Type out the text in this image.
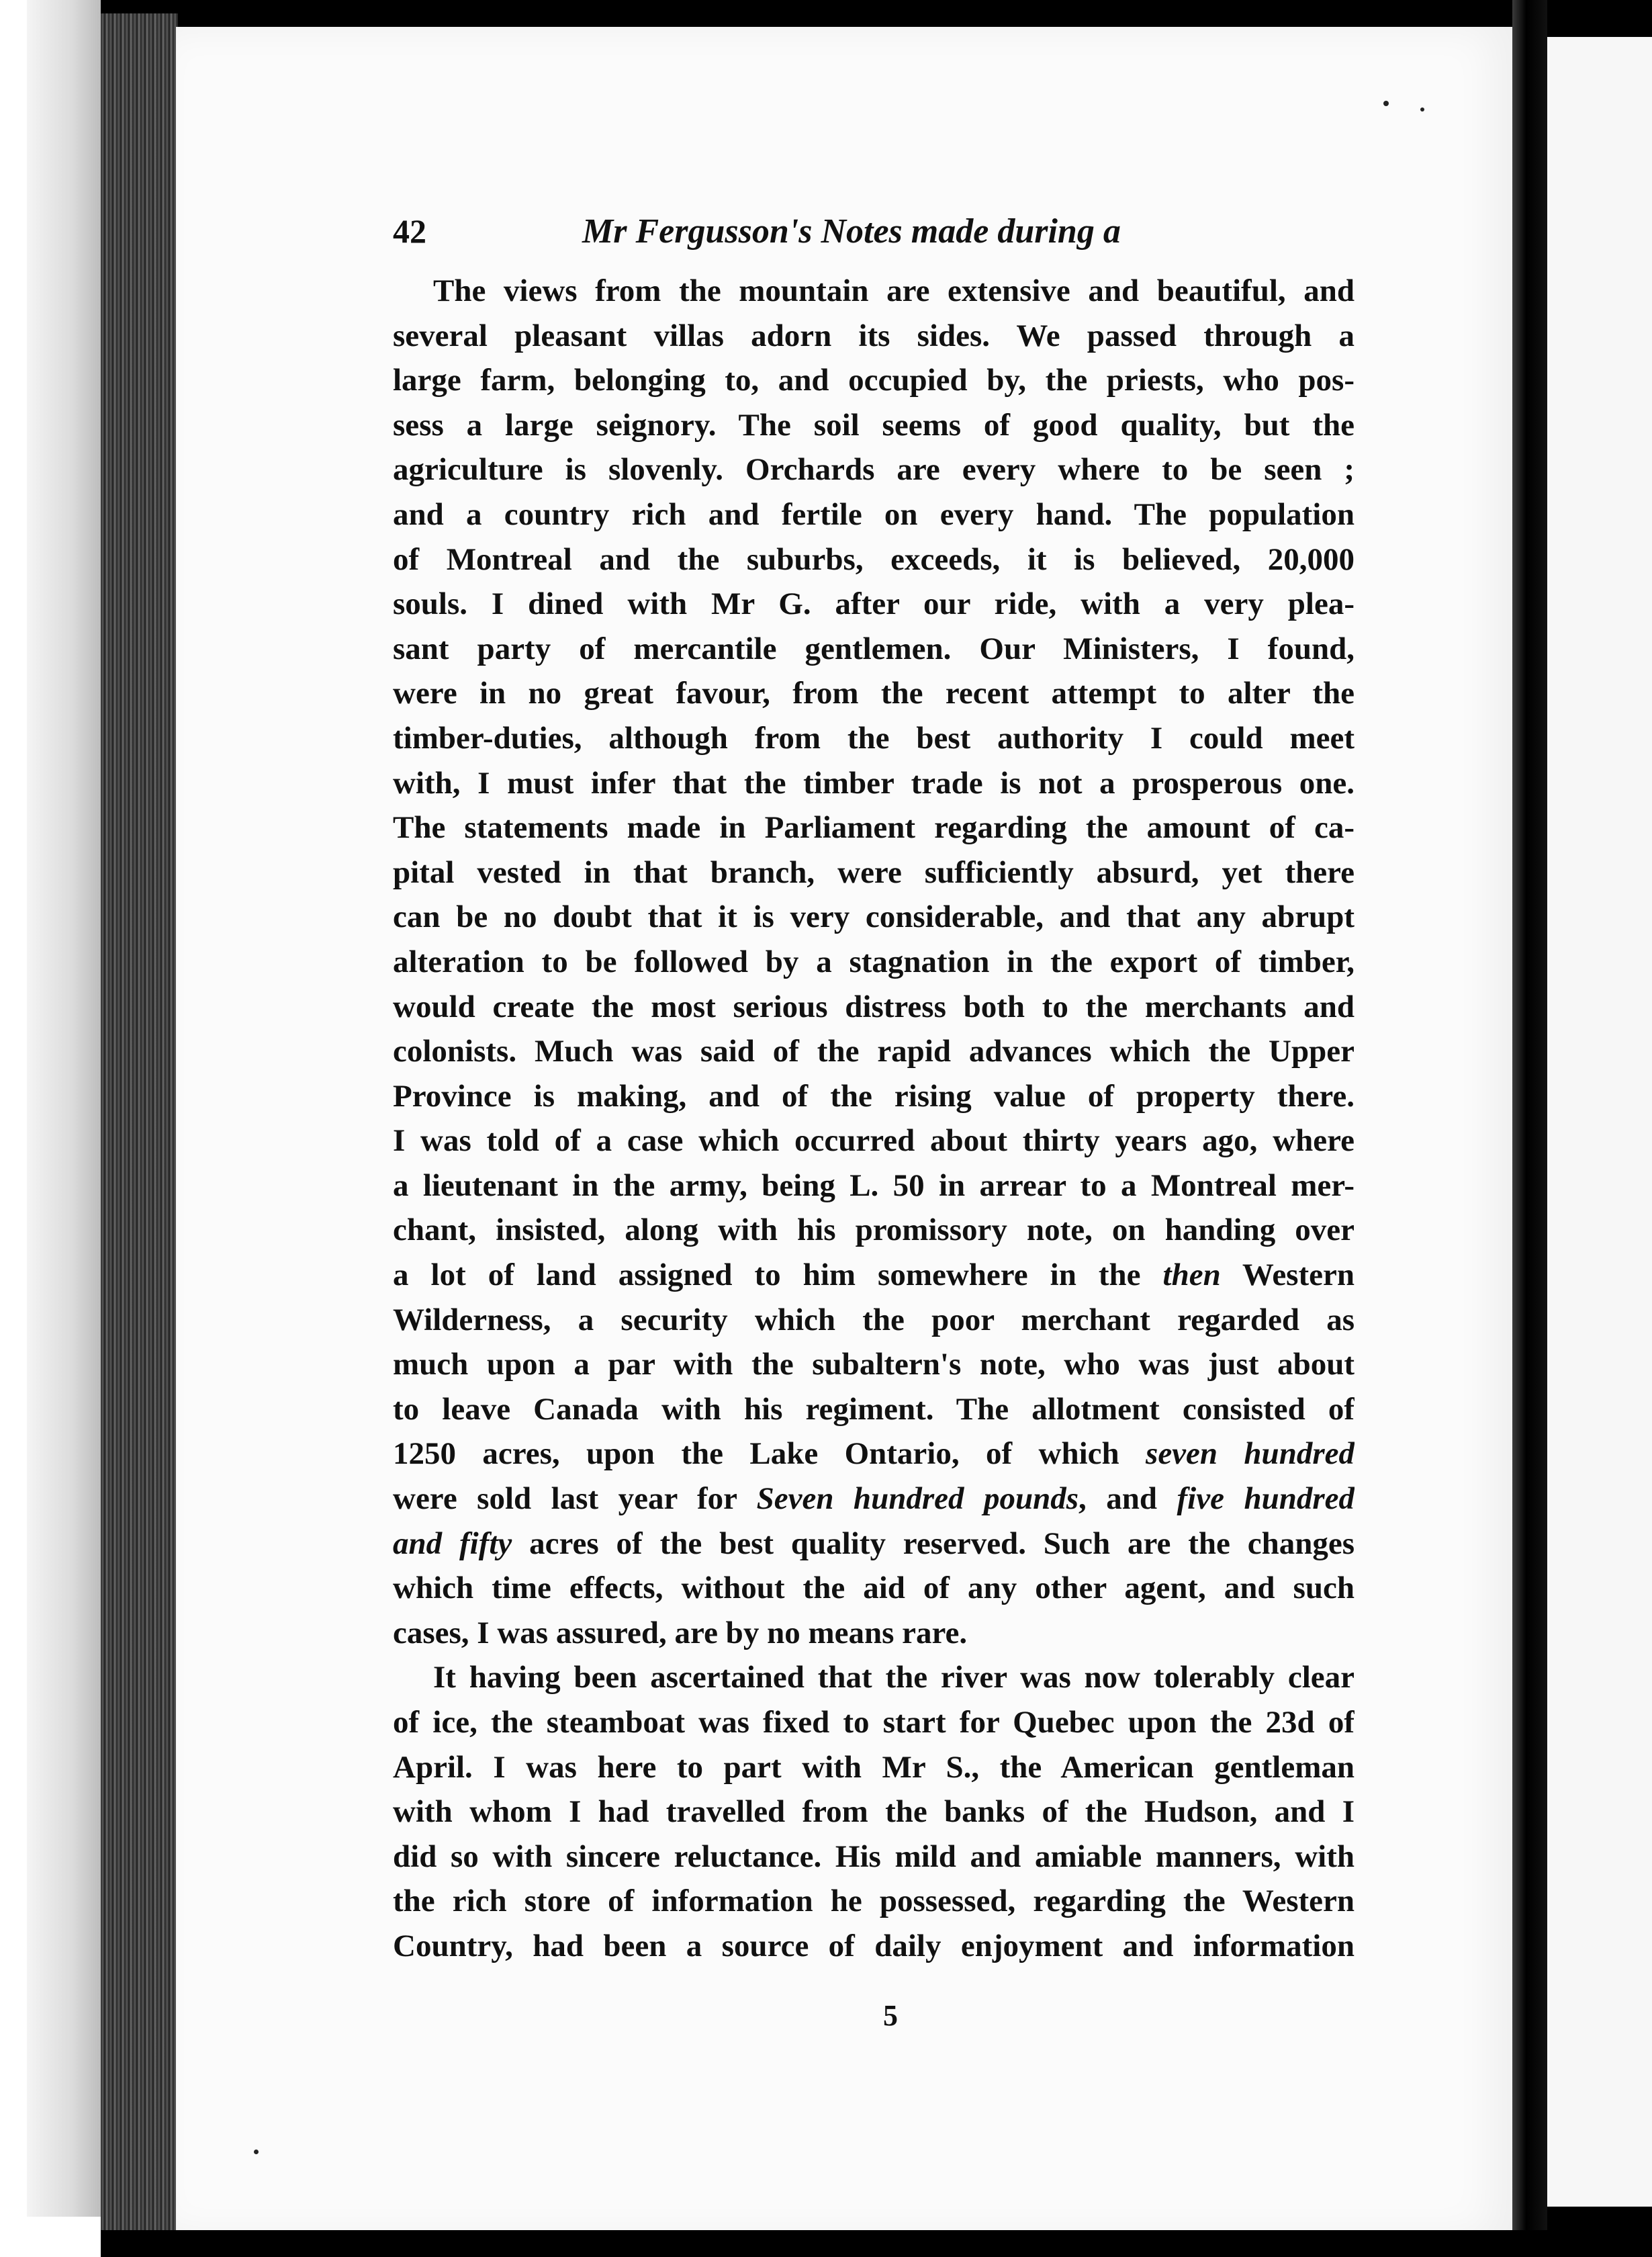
42	Mr Fergusson's Notes made during a
The views from the mountain are extensive and beautiful, and
several pleasant villas adorn its sides. We passed through a
large farm, belonging to, and occupied by, the priests, who pos-
sess a large seignory. The soil seems of good quality, but the
agriculture is slovenly. Orchards are every where to be seen ;
and a country rich and fertile on every hand. The population
of Montreal and the suburbs, exceeds, it is believed, 20,000
souls. I dined with Mr G. after our ride, with a very plea-
sant party of mercantile gentlemen. Our Ministers, I found,
were in no great favour, from the recent attempt to alter the
timber-duties, although from the best authority I could meet
with, I must infer that the timber trade is not a prosperous one.
The statements made in Parliament regarding the amount of ca-
pital vested in that branch, were sufficiently absurd, yet there
can be no doubt that it is very considerable, and that any abrupt
alteration to be followed by a stagnation in the export of timber,
would create the most serious distress both to the merchants and
colonists. Much was said of the rapid advances which the Upper
Province is making, and of the rising value of property there.
I was told of a case which occurred about thirty years ago, where
a lieutenant in the army, being L. 50 in arrear to a Montreal mer-
chant, insisted, along with his promissory note, on handing over
a lot of land assigned to him somewhere in the then Western
Wilderness, a security which the poor merchant regarded as
much upon a par with the subaltern's note, who was just about
to leave Canada with his regiment. The allotment consisted of
1250 acres, upon the Lake Ontario, of which seven hundred
were sold last year for Seven hundred pounds, and five hundred
and fifty acres of the best quality reserved. Such are the changes
which time effects, without the aid of any other agent, and such
cases, I was assured, are by no means rare.
It having been ascertained that the river was now tolerably clear
of ice, the steamboat was fixed to start for Quebec upon the 23d of
April. I was here to part with Mr S., the American gentleman
with whom I had travelled from the banks of the Hudson, and I
did so with sincere reluctance. His mild and amiable manners, with
the rich store of information he possessed, regarding the Western
Country, had been a source of daily enjoyment and information
5
